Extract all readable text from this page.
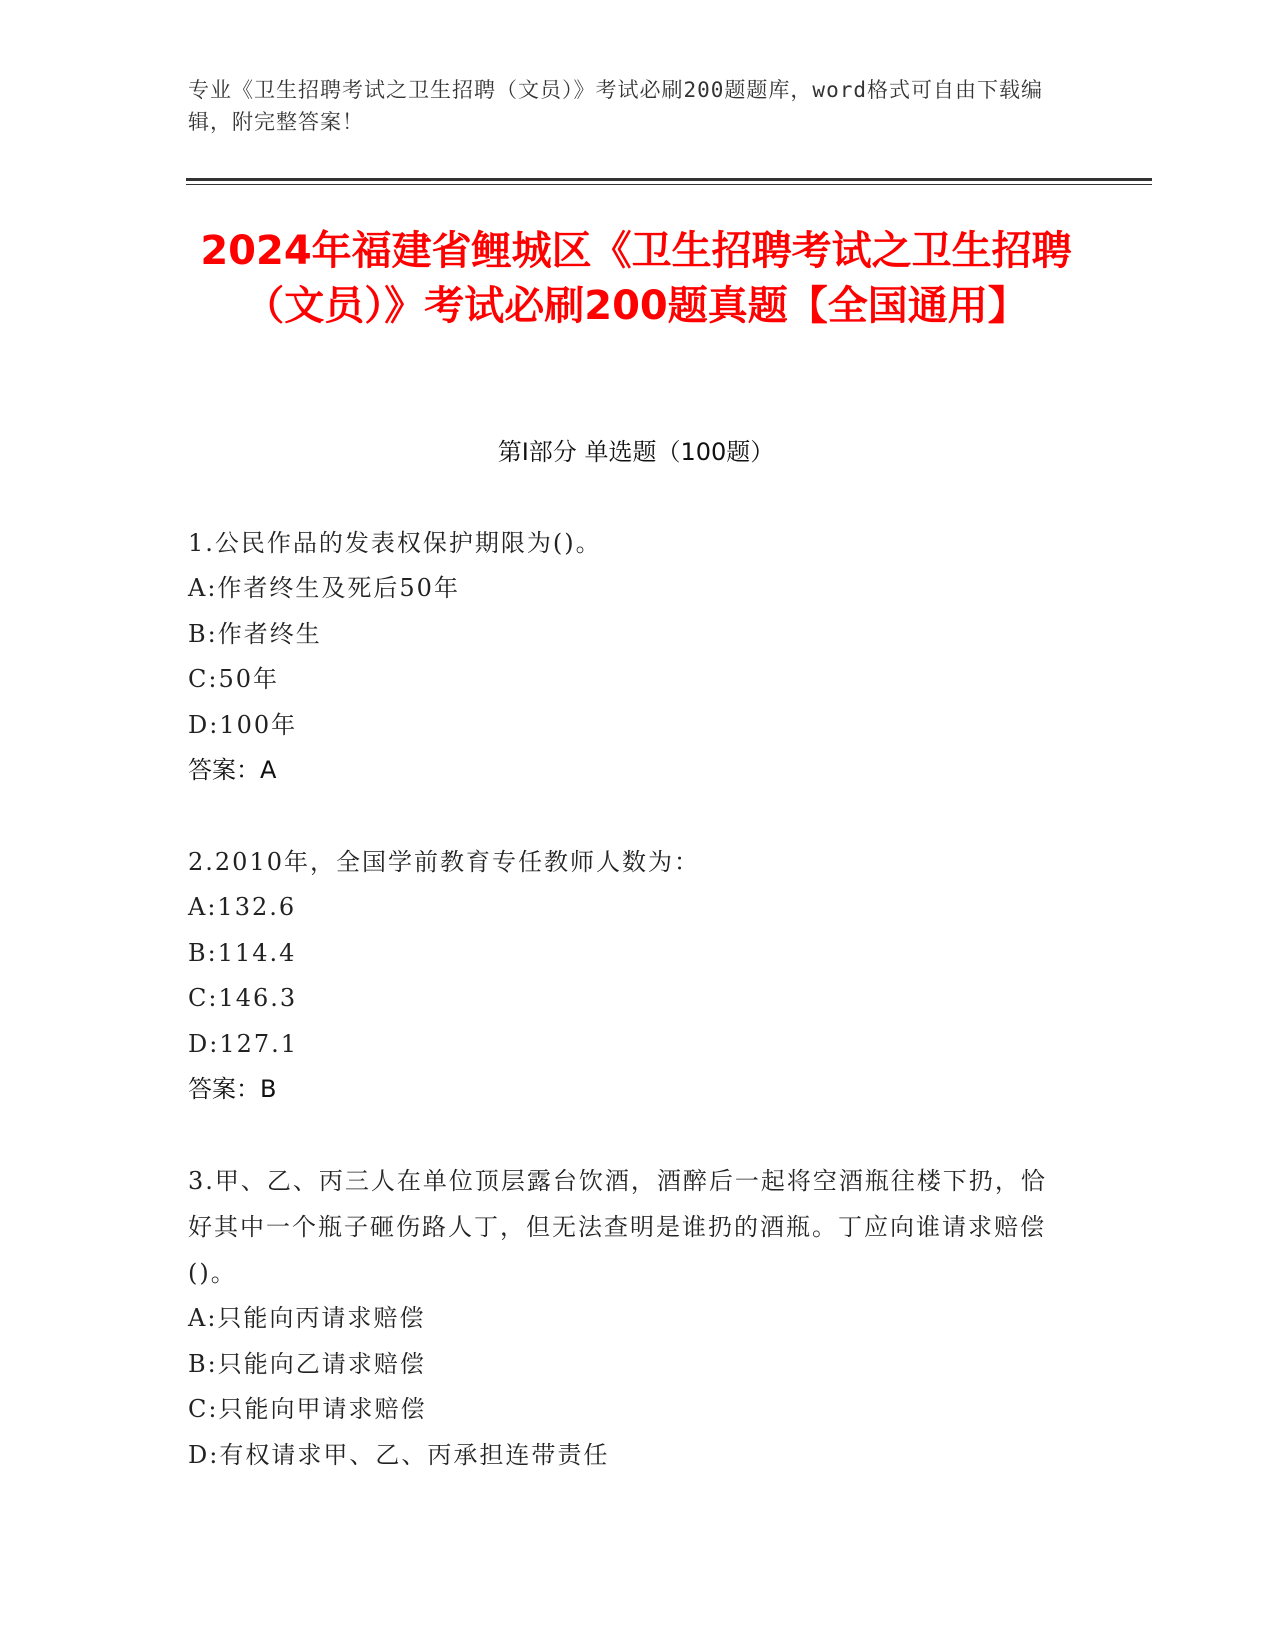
专业《卫生招聘考试之卫生招聘（文员）》考试必刷200题题库，word格式可自由下载编辑，附完整答案！
2024年福建省鲤城区《卫生招聘考试之卫生招聘（文员）》考试必刷200题真题【全国通用】
第I部分 单选题（100题）
1.公民作品的发表权保护期限为()。
A:作者终生及死后50年
B:作者终生
C:50年
D:100年
答案：A
2.2010年，全国学前教育专任教师人数为：
A:132.6
B:114.4
C:146.3
D:127.1
答案：B
3.甲、乙、丙三人在单位顶层露台饮酒，酒醉后一起将空酒瓶往楼下扔，恰好其中一个瓶子砸伤路人丁，但无法查明是谁扔的酒瓶。丁应向谁请求赔偿()。
A:只能向丙请求赔偿
B:只能向乙请求赔偿
C:只能向甲请求赔偿
D:有权请求甲、乙、丙承担连带责任
